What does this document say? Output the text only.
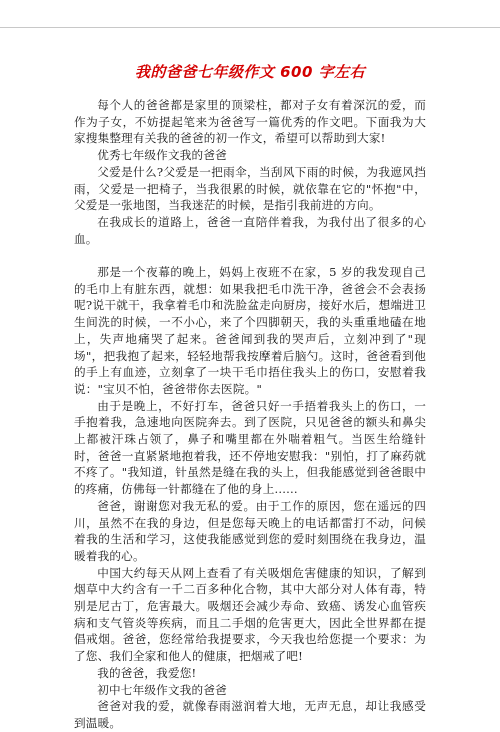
我的爸爸七年级作文 600 字左右

每个人的爸爸都是家里的顶梁柱，都对子女有着深沉的爱，而作为子女，不妨提起笔来为爸爸写一篇优秀的作文吧。下面我为大家搜集整理有关我的爸爸的初一作文，希望可以帮助到大家!

优秀七年级作文我的爸爸

父爱是什么?父爱是一把雨伞，当刮风下雨的时候，为我遮风挡雨，父爱是一把椅子，当我很累的时候，就依靠在它的"怀抱"中，父爱是一张地图，当我迷茫的时候，是指引我前进的方向。

在我成长的道路上，爸爸一直陪伴着我，为我付出了很多的心血。

那是一个夜幕的晚上，妈妈上夜班不在家，5 岁的我发现自己的毛巾上有脏东西，就想：如果我把毛巾洗干净，爸爸会不会表扬呢?说干就干，我拿着毛巾和洗脸盆走向厨房，接好水后，想端进卫生间洗的时候，一不小心，来了个四脚朝天，我的头重重地磕在地上，失声地痛哭了起来。爸爸闻到我的哭声后，立刻冲到了"现场"，把我抱了起来，轻轻地帮我按摩着后脑勺。这时，爸爸看到他的手上有血迹，立刻拿了一块干毛巾捂住我头上的伤口，安慰着我说："宝贝不怕，爸爸带你去医院。"

由于是晚上，不好打车，爸爸只好一手捂着我头上的伤口，一手抱着我，急速地向医院奔去。到了医院，只见爸爸的额头和鼻尖上都被汗珠占领了，鼻子和嘴里都在外喘着粗气。当医生给缝针时，爸爸一直紧紧地抱着我，还不停地安慰我："别怕，打了麻药就不疼了。"我知道，针虽然是缝在我的头上，但我能感觉到爸爸眼中的疼痛，仿佛每一针都缝在了他的身上......

爸爸，谢谢您对我无私的爱。由于工作的原因，您在遥远的四川，虽然不在我的身边，但是您每天晚上的电话都雷打不动，问候着我的生活和学习，这使我能感觉到您的爱时刻围绕在我身边，温暖着我的心。

中国大约每天从网上查看了有关吸烟危害健康的知识，了解到烟草中大约含有一千二百多种化合物，其中大部分对人体有毒，特别是尼古丁，危害最大。吸烟还会减少寿命、致癌、诱发心血管疾病和支气管炎等疾病，而且二手烟的危害更大，因此全世界都在提倡戒烟。爸爸，您经常给我提要求，今天我也给您提一个要求：为了您、我们全家和他人的健康，把烟戒了吧!

我的爸爸，我爱您!

初中七年级作文我的爸爸

爸爸对我的爱，就像春雨滋润着大地，无声无息，却让我感受到温暖。
